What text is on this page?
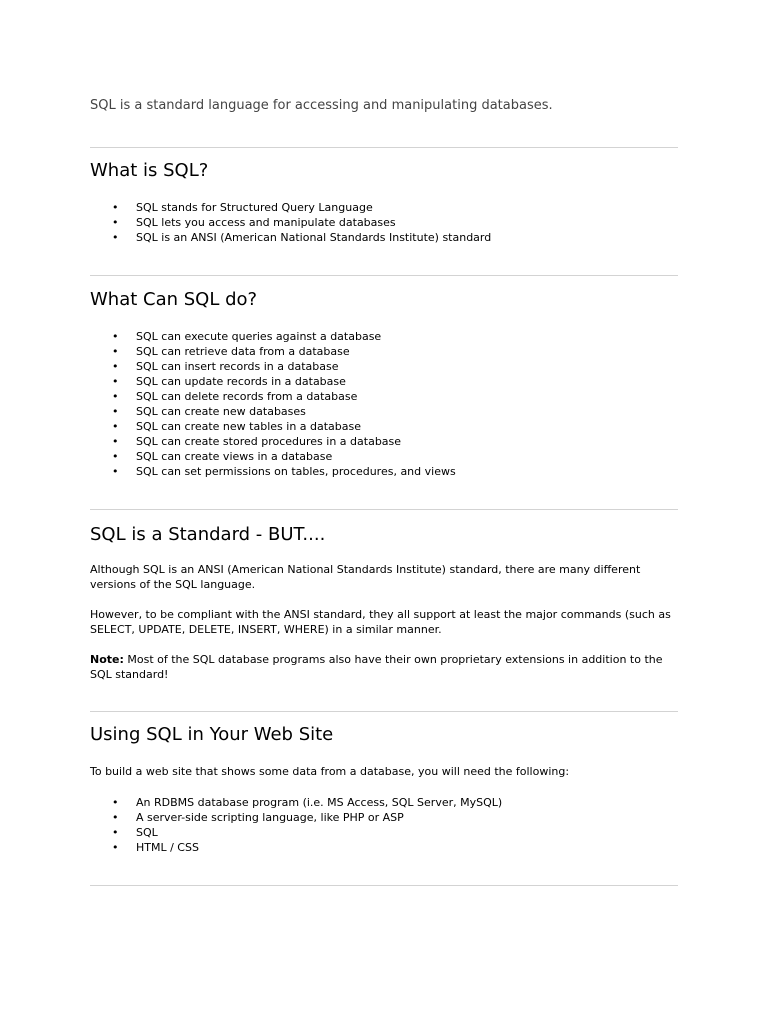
SQL is a standard language for accessing and manipulating databases.

What is SQL?
• SQL stands for Structured Query Language
• SQL lets you access and manipulate databases
• SQL is an ANSI (American National Standards Institute) standard
What Can SQL do?
• SQL can execute queries against a database
• SQL can retrieve data from a database
• SQL can insert records in a database
• SQL can update records in a database
• SQL can delete records from a database
• SQL can create new databases
• SQL can create new tables in a database
• SQL can create stored procedures in a database
• SQL can create views in a database
• SQL can set permissions on tables, procedures, and views
SQL is a Standard - BUT....

Although SQL is an ANSI (American National Standards Institute) standard, there are many different versions of the SQL language.

However, to be compliant with the ANSI standard, they all support at least the major commands (such as SELECT, UPDATE, DELETE, INSERT, WHERE) in a similar manner.

Note: Most of the SQL database programs also have their own proprietary extensions in addition to the SQL standard!

Using SQL in Your Web Site

To build a web site that shows some data from a database, you will need the following:

• An RDBMS database program (i.e. MS Access, SQL Server, MySQL)
• A server-side scripting language, like PHP or ASP
• SQL
• HTML / CSS
